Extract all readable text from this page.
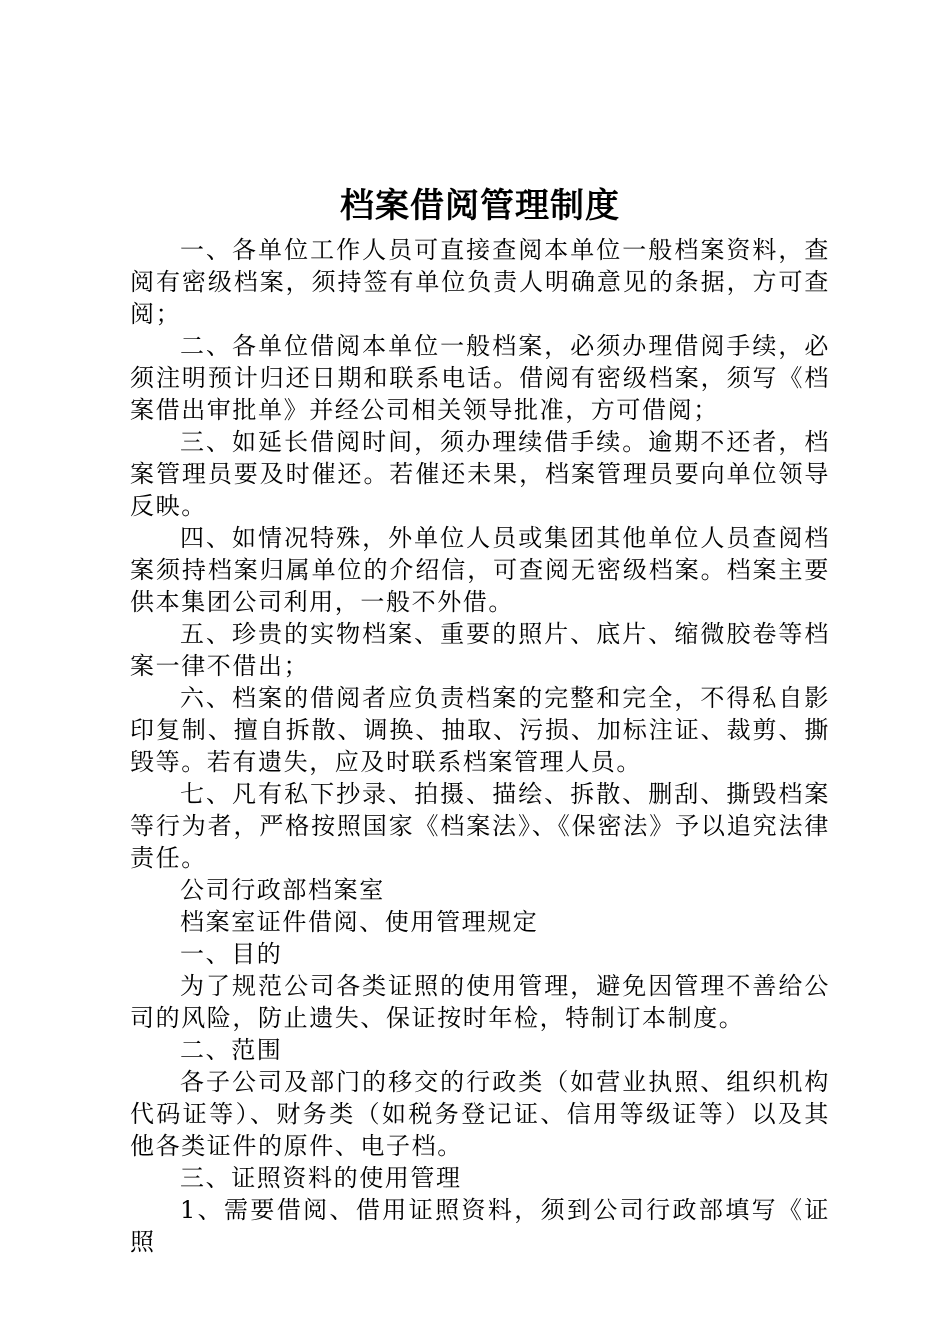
档案借阅管理制度

一、各单位工作人员可直接查阅本单位一般档案资料，查阅有密级档案，须持签有单位负责人明确意见的条据，方可查阅；

二、各单位借阅本单位一般档案，必须办理借阅手续，必须注明预计归还日期和联系电话。借阅有密级档案，须写《档案借出审批单》并经公司相关领导批准，方可借阅；

三、如延长借阅时间，须办理续借手续。逾期不还者，档案管理员要及时催还。若催还未果，档案管理员要向单位领导反映。

四、如情况特殊，外单位人员或集团其他单位人员查阅档案须持档案归属单位的介绍信，可查阅无密级档案。档案主要供本集团公司利用，一般不外借。

五、珍贵的实物档案、重要的照片、底片、缩微胶卷等档案一律不借出；

六、档案的借阅者应负责档案的完整和完全，不得私自影印复制、擅自拆散、调换、抽取、污损、加标注证、裁剪、撕毁等。若有遗失，应及时联系档案管理人员。

七、凡有私下抄录、拍摄、描绘、拆散、删刮、撕毁档案等行为者，严格按照国家《档案法》、《保密法》予以追究法律责任。

公司行政部档案室

档案室证件借阅、使用管理规定

一、目的

为了规范公司各类证照的使用管理，避免因管理不善给公司的风险，防止遗失、保证按时年检，特制订本制度。

二、范围

各子公司及部门的移交的行政类（如营业执照、组织机构代码证等）、财务类（如税务登记证、信用等级证等）以及其他各类证件的原件、电子档。

三、证照资料的使用管理

1、需要借阅、借用证照资料，须到公司行政部填写《证照
